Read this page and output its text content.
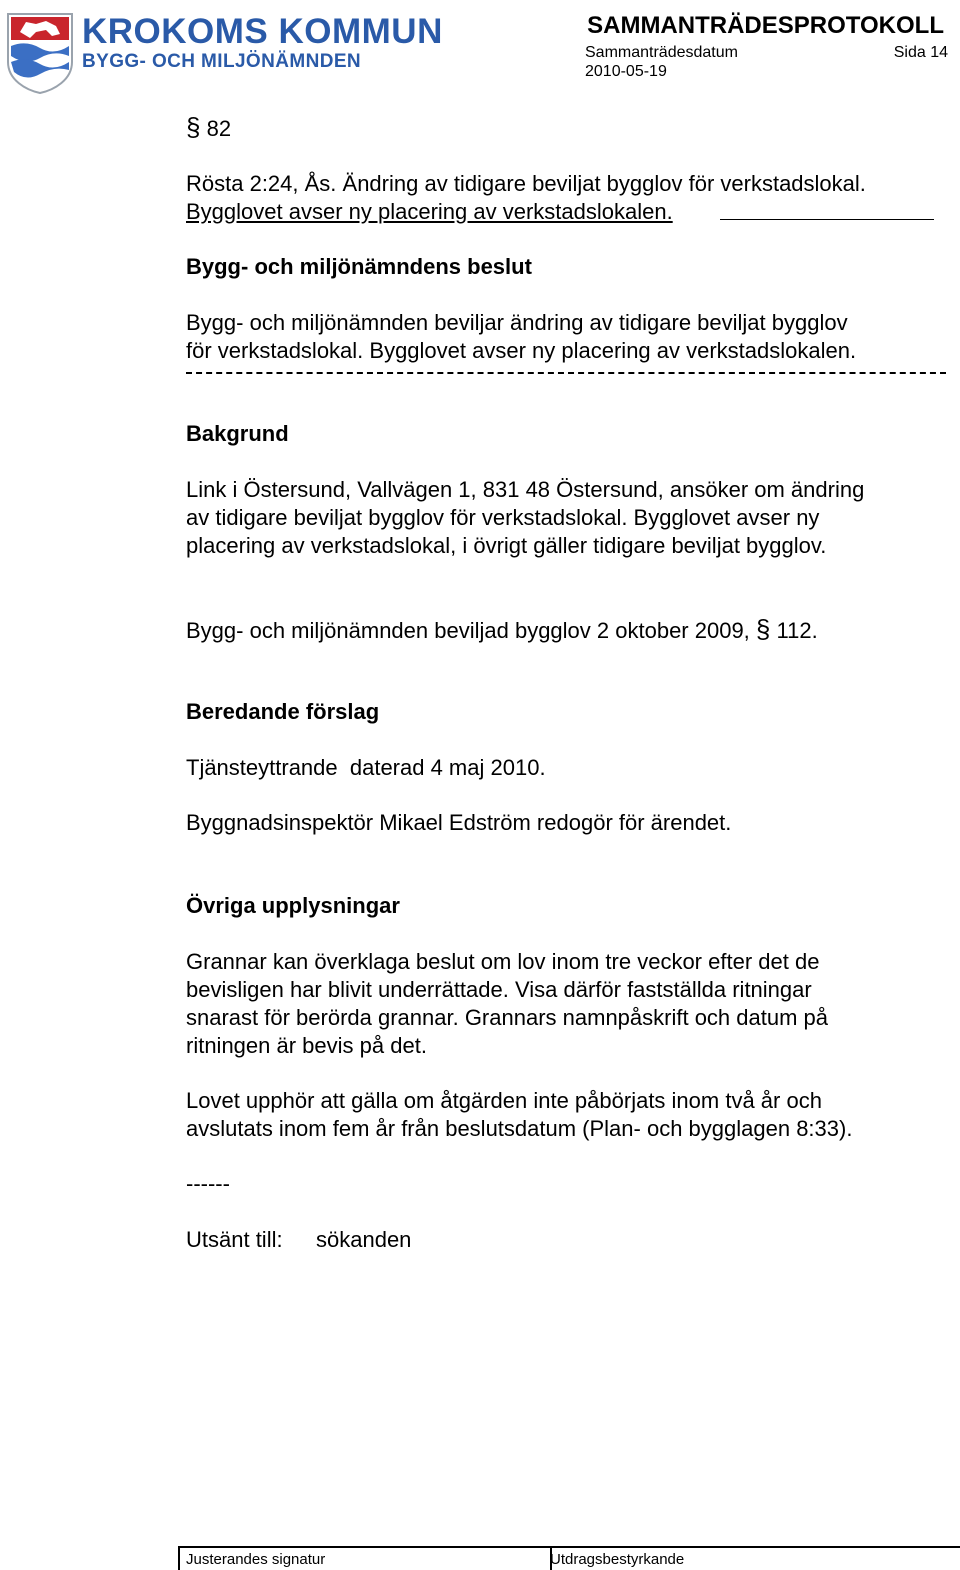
KROKOMS KOMMUN
BYGG- OCH MILJÖNÄMNDEN
SAMMANTRÄDESPROTOKOLL
Sammanträdesdatum	Sida 14
2010-05-19
§ 82
Rösta 2:24, Ås. Ändring av tidigare beviljat bygglov för verkstadslokal.
Bygglovet avser ny placering av verkstadslokalen.
Bygg- och miljönämndens beslut
Bygg- och miljönämnden beviljar ändring av tidigare beviljat bygglov
för verkstadslokal. Bygglovet avser ny placering av verkstadslokalen.
Bakgrund
Link i Östersund, Vallvägen 1, 831 48 Östersund, ansöker om ändring
av tidigare beviljat bygglov för verkstadslokal. Bygglovet avser ny
placering av verkstadslokal, i övrigt gäller tidigare beviljat bygglov.
Bygg- och miljönämnden beviljad bygglov 2 oktober 2009, § 112.
Beredande förslag
Tjänsteyttrande  daterad 4 maj 2010.
Byggnadsinspektör Mikael Edström redogör för ärendet.
Övriga upplysningar
Grannar kan överklaga beslut om lov inom tre veckor efter det de
bevisligen har blivit underrättade. Visa därför fastställda ritningar
snarast för berörda grannar. Grannars namnpåskrift och datum på
ritningen är bevis på det.
Lovet upphör att gälla om åtgärden inte påbörjats inom två år och
avslutats inom fem år från beslutsdatum (Plan- och bygglagen 8:33).
------
Utsänt till: sökanden
Justerandes signatur	Utdragsbestyrkande
